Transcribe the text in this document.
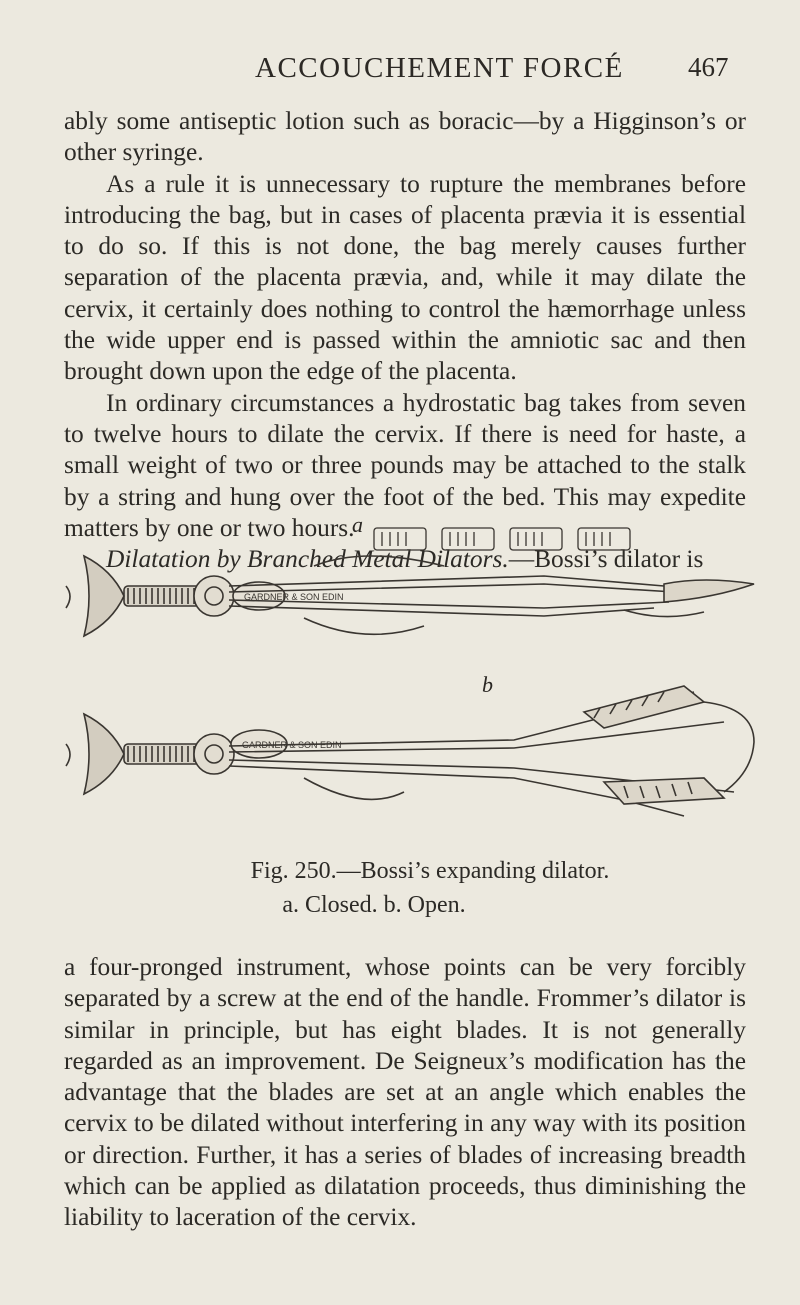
ACCOUCHEMENT FORCÉ 467

ably some antiseptic lotion such as boracic—by a Higginson’s or other syringe.

As a rule it is unnecessary to rupture the membranes before introducing the bag, but in cases of placenta prævia it is essential to do so. If this is not done, the bag merely causes further separation of the placenta prævia, and, while it may dilate the cervix, it certainly does nothing to control the hæmorrhage unless the wide upper end is passed within the amniotic sac and then brought down upon the edge of the placenta.

In ordinary circumstances a hydrostatic bag takes from seven to twelve hours to dilate the cervix. If there is need for haste, a small weight of two or three pounds may be attached to the stalk by a string and hung over the foot of the bed. This may expedite matters by one or two hours.

Dilatation by Branched Metal Dilators.—Bossi’s dilator is

a
b
GARDNER & SON EDIN
GARDNER & SON EDIN
Fig. 250.—Bossi’s expanding dilator.
a. Closed. b. Open.

a four-pronged instrument, whose points can be very forcibly separated by a screw at the end of the handle. Frommer’s dilator is similar in principle, but has eight blades. It is not generally regarded as an improvement. De Seigneux’s modification has the advantage that the blades are set at an angle which enables the cervix to be dilated without interfering in any way with its position or direction. Further, it has a series of blades of increasing breadth which can be applied as dilatation proceeds, thus diminishing the liability to laceration of the cervix.
